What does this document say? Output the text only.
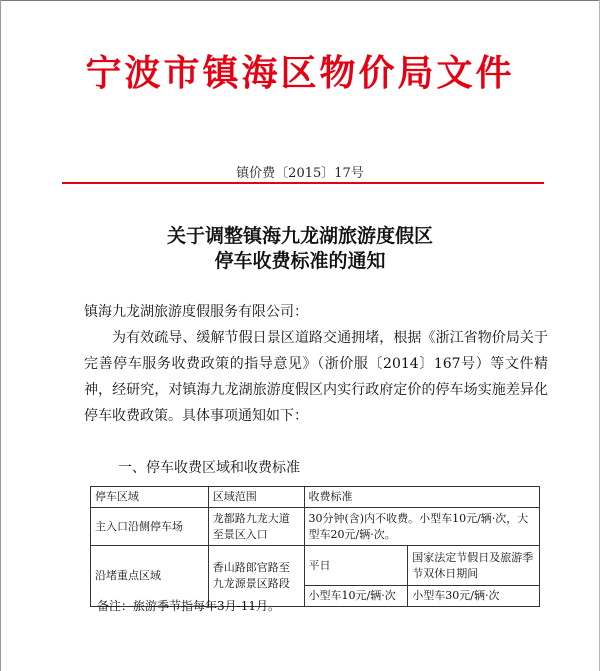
宁波市镇海区物价局文件
镇价费〔2015〕17号
关于调整镇海九龙湖旅游度假区
停车收费标准的通知
镇海九龙湖旅游度假服务有限公司：
为有效疏导、缓解节假日景区道路交通拥堵，根据《浙江省物价局关于完善停车服务收费政策的指导意见》（浙价服〔2014〕167号）等文件精神，经研究，对镇海九龙湖旅游度假区内实行政府定价的停车场实施差异化停车收费政策。具体事项通知如下：
一、停车收费区域和收费标准
停车区域	区域范围	收费标准	
主入口沿侧停车场	龙都路九龙大道至景区入口	30分钟(含)内不收费。小型车10元/辆·次，大型车20元/辆·次。	
沿堵重点区域	香山路郎官路至九龙源景区路段	平日	国家法定节假日及旅游季节双休日期间
		小型车10元/辆·次	小型车30元/辆·次
备注：旅游季节指每年3月-11月。
